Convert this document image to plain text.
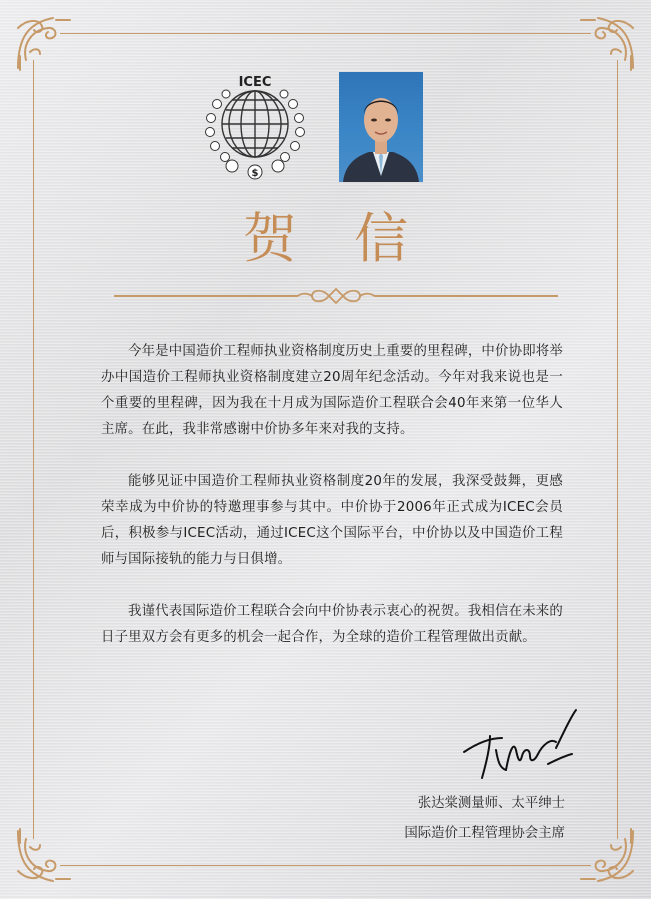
ICEC
$
贺 信

今年是中国造价工程师执业资格制度历史上重要的里程碑，中价协即将举办中国造价工程师执业资格制度建立20周年纪念活动。今年对我来说也是一个重要的里程碑，因为我在十月成为国际造价工程联合会40年来第一位华人主席。在此，我非常感谢中价协多年来对我的支持。

能够见证中国造价工程师执业资格制度20年的发展，我深受鼓舞，更感荣幸成为中价协的特邀理事参与其中。中价协于2006年正式成为ICEC会员后，积极参与ICEC活动，通过ICEC这个国际平台，中价协以及中国造价工程师与国际接轨的能力与日俱增。

我谨代表国际造价工程联合会向中价协表示衷心的祝贺。我相信在未来的日子里双方会有更多的机会一起合作，为全球的造价工程管理做出贡献。

张达棠测量师、太平绅士
国际造价工程管理协会主席
